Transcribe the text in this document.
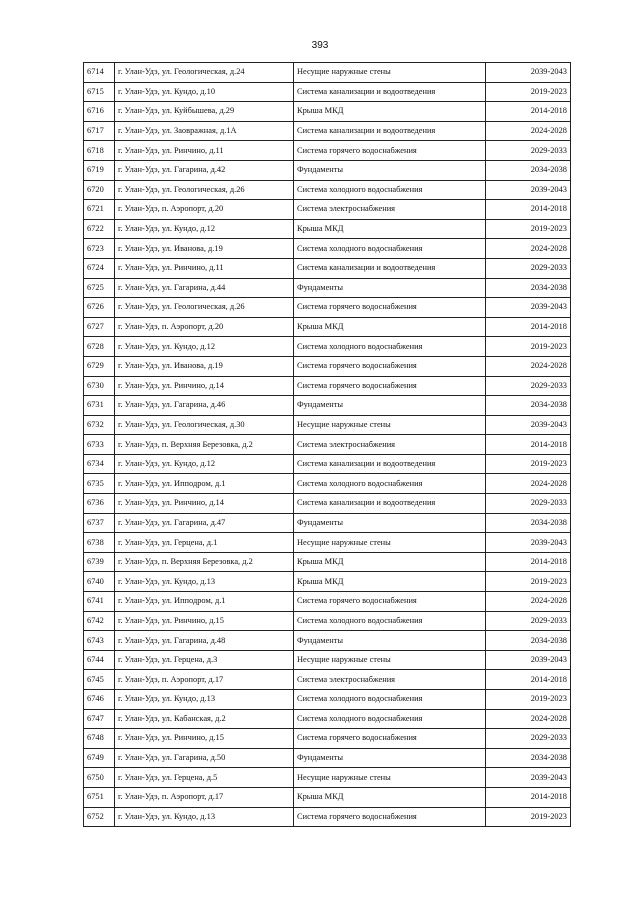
393
6714	г. Улан-Удэ, ул. Геологическая, д.24	Несущие наружные стены	2039-2043
6715	г. Улан-Удэ, ул. Кундо, д.10	Система канализации и водоотведения	2019-2023
6716	г. Улан-Удэ, ул. Куйбышева, д.29	Крыша МКД	2014-2018
6717	г. Улан-Удэ, ул. Заовражная, д.1А	Система канализации и водоотведения	2024-2028
6718	г. Улан-Удэ, ул. Ринчино, д.11	Система горячего водоснабжения	2029-2033
6719	г. Улан-Удэ, ул. Гагарина, д.42	Фундаменты	2034-2038
6720	г. Улан-Удэ, ул. Геологическая, д.26	Система холодного водоснабжения	2039-2043
6721	г. Улан-Удэ, п. Аэропорт, д.20	Система электроснабжения	2014-2018
6722	г. Улан-Удэ, ул. Кундо, д.12	Крыша МКД	2019-2023
6723	г. Улан-Удэ, ул. Иванова, д.19	Система холодного водоснабжения	2024-2028
6724	г. Улан-Удэ, ул. Ринчино, д.11	Система канализации и водоотведения	2029-2033
6725	г. Улан-Удэ, ул. Гагарина, д.44	Фундаменты	2034-2038
6726	г. Улан-Удэ, ул. Геологическая, д.26	Система горячего водоснабжения	2039-2043
6727	г. Улан-Удэ, п. Аэропорт, д.20	Крыша МКД	2014-2018
6728	г. Улан-Удэ, ул. Кундо, д.12	Система холодного водоснабжения	2019-2023
6729	г. Улан-Удэ, ул. Иванова, д.19	Система горячего водоснабжения	2024-2028
6730	г. Улан-Удэ, ул. Ринчино, д.14	Система горячего водоснабжения	2029-2033
6731	г. Улан-Удэ, ул. Гагарина, д.46	Фундаменты	2034-2038
6732	г. Улан-Удэ, ул. Геологическая, д.30	Несущие наружные стены	2039-2043
6733	г. Улан-Удэ, п. Верхняя Березовка, д.2	Система электроснабжения	2014-2018
6734	г. Улан-Удэ, ул. Кундо, д.12	Система канализации и водоотведения	2019-2023
6735	г. Улан-Удэ, ул. Ипподром, д.1	Система холодного водоснабжения	2024-2028
6736	г. Улан-Удэ, ул. Ринчино, д.14	Система канализации и водоотведения	2029-2033
6737	г. Улан-Удэ, ул. Гагарина, д.47	Фундаменты	2034-2038
6738	г. Улан-Удэ, ул. Герцена, д.1	Несущие наружные стены	2039-2043
6739	г. Улан-Удэ, п. Верхняя Березовка, д.2	Крыша МКД	2014-2018
6740	г. Улан-Удэ, ул. Кундо, д.13	Крыша МКД	2019-2023
6741	г. Улан-Удэ, ул. Ипподром, д.1	Система горячего водоснабжения	2024-2028
6742	г. Улан-Удэ, ул. Ринчино, д.15	Система холодного водоснабжения	2029-2033
6743	г. Улан-Удэ, ул. Гагарина, д.48	Фундаменты	2034-2038
6744	г. Улан-Удэ, ул. Герцена, д.3	Несущие наружные стены	2039-2043
6745	г. Улан-Удэ, п. Аэропорт, д.17	Система электроснабжения	2014-2018
6746	г. Улан-Удэ, ул. Кундо, д.13	Система холодного водоснабжения	2019-2023
6747	г. Улан-Удэ, ул. Кабанская, д.2	Система холодного водоснабжения	2024-2028
6748	г. Улан-Удэ, ул. Ринчино, д.15	Система горячего водоснабжения	2029-2033
6749	г. Улан-Удэ, ул. Гагарина, д.50	Фундаменты	2034-2038
6750	г. Улан-Удэ, ул. Герцена, д.5	Несущие наружные стены	2039-2043
6751	г. Улан-Удэ, п. Аэропорт, д.17	Крыша МКД	2014-2018
6752	г. Улан-Удэ, ул. Кундо, д.13	Система горячего водоснабжения	2019-2023
